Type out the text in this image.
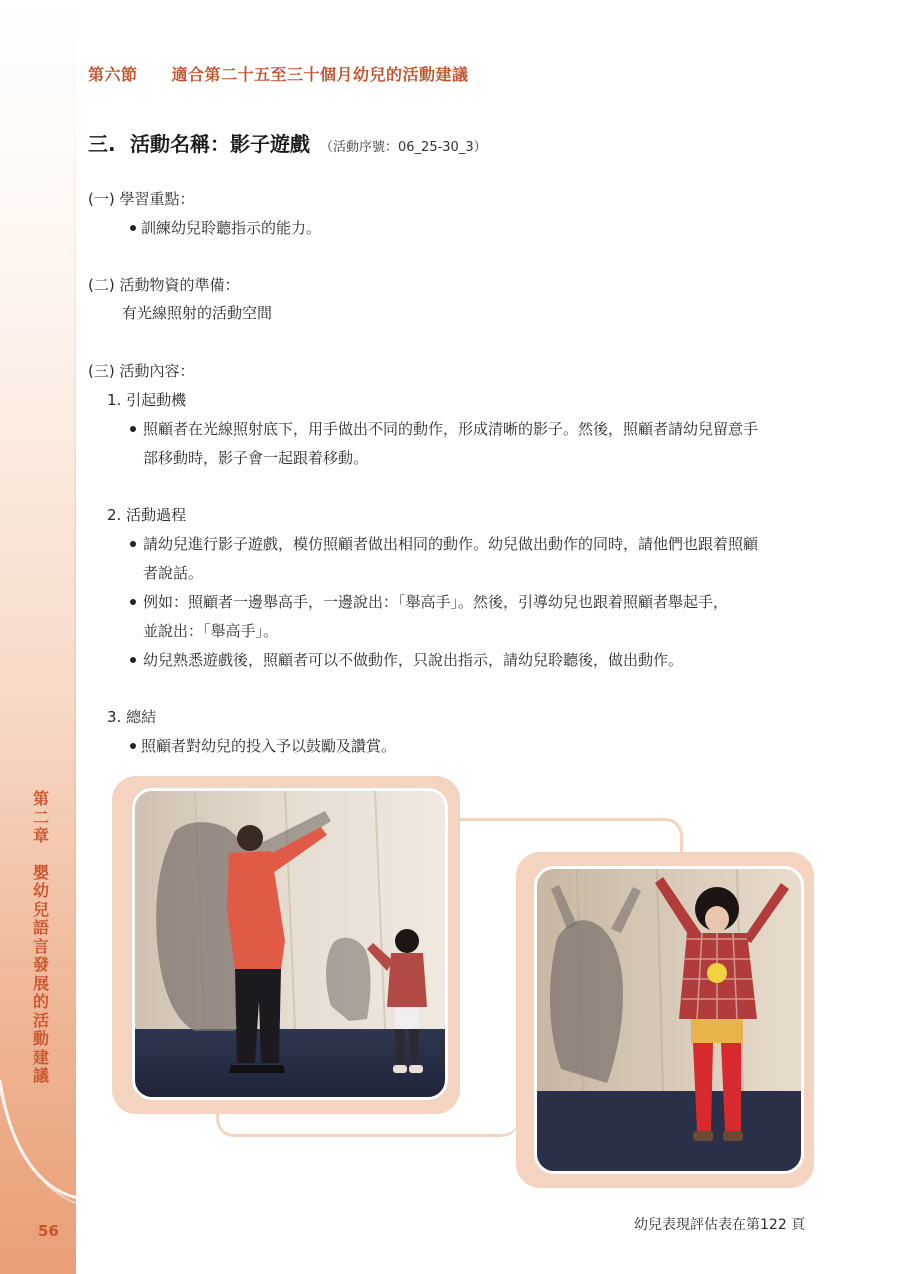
第二章
嬰幼兒語言發展的活動建議
56
第六節 適合第二十五至三十個月幼兒的活動建議
三. 活動名稱：影子遊戲 （活動序號：06_25-30_3）
(一) 學習重點：
訓練幼兒聆聽指示的能力。
(二) 活動物資的準備：
有光線照射的活動空間
(三) 活動內容：
1. 引起動機
照顧者在光線照射底下，用手做出不同的動作，形成清晰的影子。然後，照顧者請幼兒留意手
部移動時，影子會一起跟着移動。
2. 活動過程
請幼兒進行影子遊戲，模仿照顧者做出相同的動作。幼兒做出動作的同時，請他們也跟着照顧
者說話。
例如：照顧者一邊舉高手，一邊說出：「舉高手」。然後，引導幼兒也跟着照顧者舉起手，
並說出：「舉高手」。
幼兒熟悉遊戲後，照顧者可以不做動作，只說出指示，請幼兒聆聽後，做出動作。
3. 總結
照顧者對幼兒的投入予以鼓勵及讚賞。
幼兒表現評估表在第122 頁
